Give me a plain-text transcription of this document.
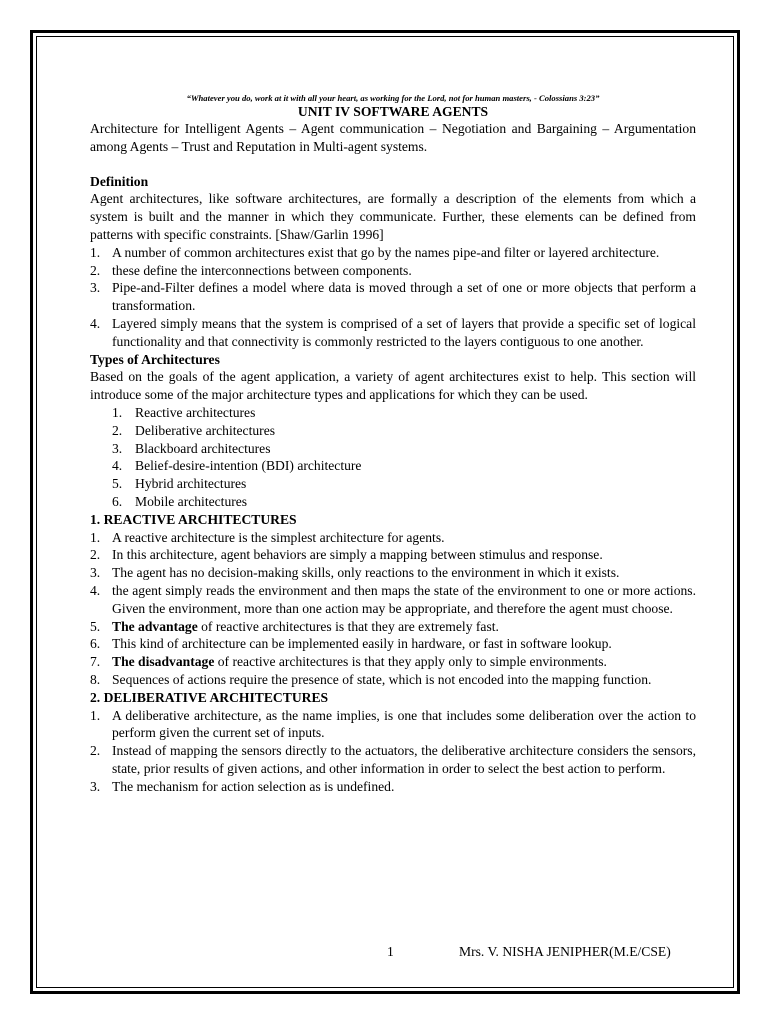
“Whatever you do, work at it with all your heart, as working for the Lord, not for human masters, - Colossians 3:23”

UNIT IV SOFTWARE AGENTS

Architecture for Intelligent Agents – Agent communication – Negotiation and Bargaining – Argumentation among Agents – Trust and Reputation in Multi-agent systems.

Definition

Agent architectures, like software architectures, are formally a description of the elements from which a system is built and the manner in which they communicate. Further, these elements can be defined from patterns with specific constraints. [Shaw/Garlin 1996]

1. A number of common architectures exist that go by the names pipe-and filter or layered architecture.
2. these define the interconnections between components.
3. Pipe-and-Filter defines a model where data is moved through a set of one or more objects that perform a transformation.
4. Layered simply means that the system is comprised of a set of layers that provide a specific set of logical functionality and that connectivity is commonly restricted to the layers contiguous to one another.

Types of Architectures

Based on the goals of the agent application, a variety of agent architectures exist to help. This section will introduce some of the major architecture types and applications for which they can be used.

1. Reactive architectures
2. Deliberative architectures
3. Blackboard architectures
4. Belief-desire-intention (BDI) architecture
5. Hybrid architectures
6. Mobile architectures

1. REACTIVE ARCHITECTURES

1. A reactive architecture is the simplest architecture for agents.
2. In this architecture, agent behaviors are simply a mapping between stimulus and response.
3. The agent has no decision-making skills, only reactions to the environment in which it exists.
4. the agent simply reads the environment and then maps the state of the environment to one or more actions. Given the environment, more than one action may be appropriate, and therefore the agent must choose.
5. The advantage of reactive architectures is that they are extremely fast.
6. This kind of architecture can be implemented easily in hardware, or fast in software lookup.
7. The disadvantage of reactive architectures is that they apply only to simple environments.
8. Sequences of actions require the presence of state, which is not encoded into the mapping function.

2. DELIBERATIVE ARCHITECTURES

1. A deliberative architecture, as the name implies, is one that includes some deliberation over the action to perform given the current set of inputs.
2. Instead of mapping the sensors directly to the actuators, the deliberative architecture considers the sensors, state, prior results of given actions, and other information in order to select the best action to perform.
3. The mechanism for action selection as is undefined.
1	Mrs. V. NISHA JENIPHER(M.E/CSE)
